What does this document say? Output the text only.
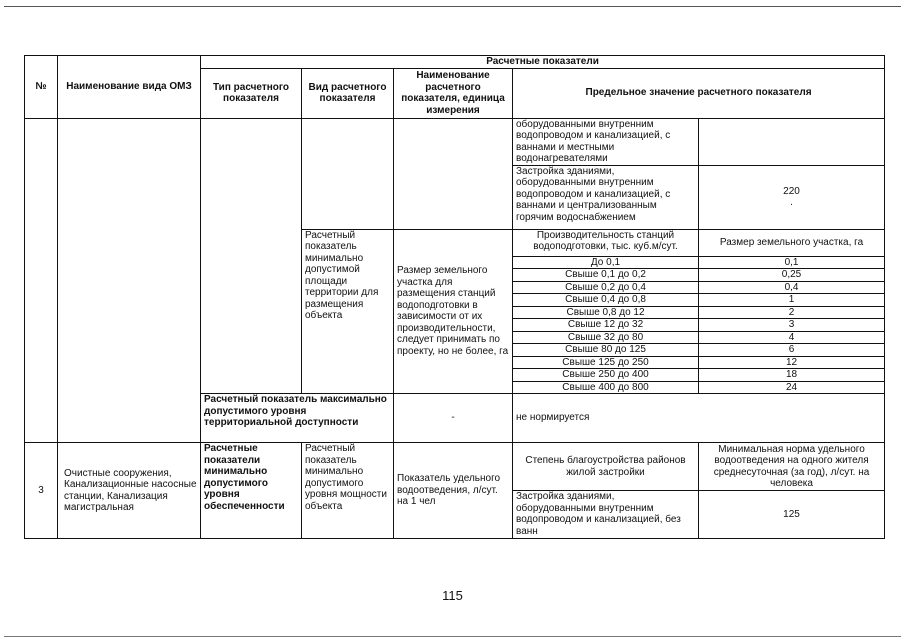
№	Наименование вида ОМЗ	Расчетные показатели				
		Тип расчетного показателя	Вид расчетного показателя	Наименование расчетного показателя, единица измерения	Предельное значение расчетного показателя	
					оборудованными внутренним водопроводом и канализацией, с ваннами и местными водонагревателями	
					Застройка зданиями, оборудованными внутренним водопроводом и канализацией, с ваннами и централизованным горячим водоснабжением	220
.
			Расчетный показатель минимально допустимой площади территории для размещения объекта	Размер земельного участка для размещения станций водоподготовки в зависимости от их производительности, следует принимать по проекту, но не более, га	Производительность станций водоподготовки, тыс. куб.м/сут.	Размер земельного участка, га
					До 0,1	0,1
					Свыше 0,1 до 0,2	0,25
					Свыше 0,2 до 0,4	0,4
					Свыше 0,4 до 0,8	1
					Свыше 0,8 до 12	2
					Свыше 12 до 32	3
					Свыше 32 до 80	4
					Свыше 80 до 125	6
					Свыше 125 до 250	12
					Свыше 250 до 400	18
					Свыше 400 до 800	24
		Расчетный показатель максимально допустимого уровня территориальной доступности		-	не нормируется	
3	Очистные сооружения, Канализационные насосные станции, Канализация магистральная	Расчетные показатели минимально допустимого уровня обеспеченности	Расчетный показатель минимально допустимого уровня мощности объекта	Показатель удельного водоотведения, л/сут. на 1 чел	Степень благоустройства районов жилой застройки	Минимальная норма удельного водоотведения на одного жителя среднесуточная (за год), л/сут. на человека
					Застройка зданиями, оборудованными внутренним водопроводом и канализацией, без ванн	125
115
